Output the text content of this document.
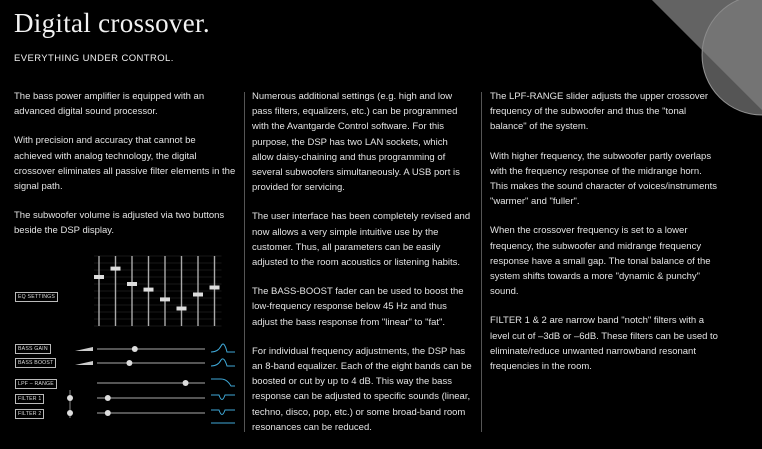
Digital crossover.
EVERYTHING UNDER CONTROL.

The bass power amplifier is equipped with an advanced digital sound processor.

With precision and accuracy that cannot be achieved with analog technology, the digital crossover eliminates all passive filter elements in the signal path.

The subwoofer volume is adjusted via two buttons beside the DSP display.

Numerous additional settings (e.g. high and low pass filters, equalizers, etc.) can be programmed with the Avantgarde Control software. For this purpose, the DSP has two LAN sockets, which allow daisy-chaining and thus programming of several subwoofers simultaneously. A USB port is provided for servicing.

The user interface has been completely revised and now allows a very simple intuitive use by the customer. Thus, all parameters can be easily adjusted to the room acoustics or listening habits.

The BASS-BOOST fader can be used to boost the low-frequency response below 45 Hz and thus adjust the bass response from "linear" to "fat".

For individual frequency adjustments, the DSP has an 8-band equalizer. Each of the eight bands can be boosted or cut by up to 4 dB. This way the bass response can be adjusted to specific sounds (linear, techno, disco, pop, etc.) or some broad-band room resonances can be reduced.

The LPF-RANGE slider adjusts the upper crossover frequency of the subwoofer and thus the "tonal balance" of the system.

With higher frequency, the subwoofer partly overlaps with the frequency response of the midrange horn. This makes the sound character of voices/instruments "warmer" and "fuller".

When the crossover frequency is set to a lower frequency, the subwoofer and midrange frequency response have a small gap. The tonal balance of the system shifts towards a more "dynamic & punchy" sound.

FILTER 1 & 2 are narrow band "notch" filters with a level cut of –3dB or –6dB. These filters can be used to eliminate/reduce unwanted narrowband resonant frequencies in the room.

EQ SETTINGS
BASS GAIN
BASS BOOST
LPF – RANGE
FILTER 1
FILTER 2
